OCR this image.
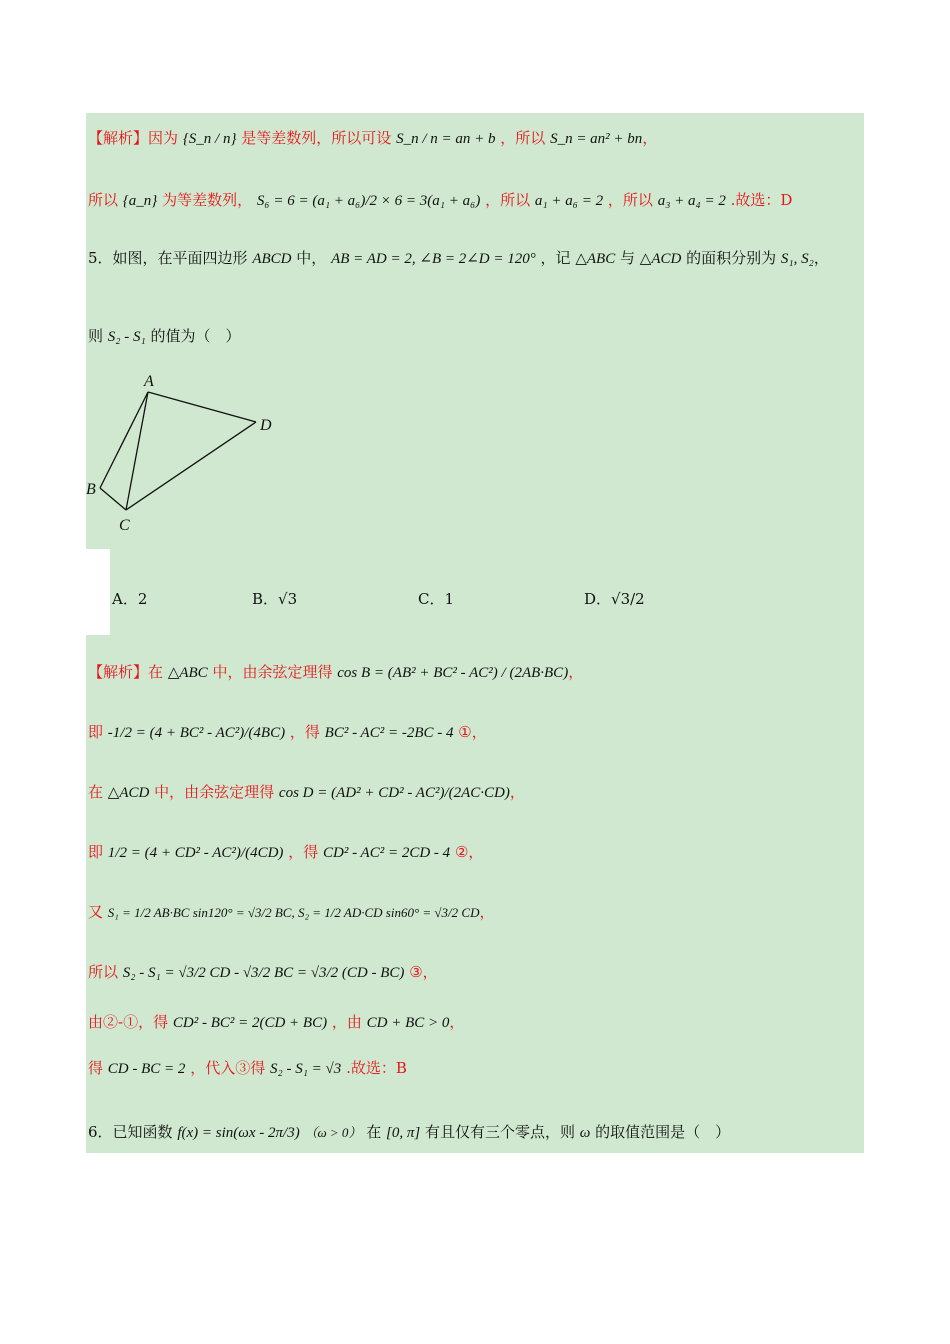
【解析】因为 {S_n / n} 是等差数列，所以可设 S_n / n = an + b ，所以 S_n = an² + bn，
所以 {a_n} 为等差数列， S₆ = 6 = (a₁ + a₆)/2 × 6 = 3(a₁ + a₆) ，所以 a₁ + a₆ = 2 ，所以 a₃ + a₄ = 2 .故选：D
5．如图，在平面四边形 ABCD 中， AB = AD = 2, ∠B = 2∠D = 120° ，记 △ABC 与 △ACD 的面积分别为 S₁, S₂，
则 S₂ - S₁ 的值为（　）
A
B
C
D
A．2	B．√3	C．1	D．√3/2
【解析】在 △ABC 中，由余弦定理得 cos B = (AB² + BC² - AC²) / (2AB·BC)，
即 -1/2 = (4 + BC² - AC²)/(4BC) ，得 BC² - AC² = -2BC - 4 ①，
在 △ACD 中，由余弦定理得 cos D = (AD² + CD² - AC²)/(2AC·CD)，
即 1/2 = (4 + CD² - AC²)/(4CD) ，得 CD² - AC² = 2CD - 4 ②，
又 S₁ = 1/2 AB·BC sin120° = √3/2 BC, S₂ = 1/2 AD·CD sin60° = √3/2 CD，
所以 S₂ - S₁ = √3/2 CD - √3/2 BC = √3/2 (CD - BC) ③，
由②-①，得 CD² - BC² = 2(CD + BC) ，由 CD + BC > 0，
得 CD - BC = 2 ，代入③得 S₂ - S₁ = √3 .故选：B
6．已知函数 f(x) = sin(ωx - 2π/3) （ω > 0） 在 [0, π] 有且仅有三个零点，则 ω 的取值范围是（　）
